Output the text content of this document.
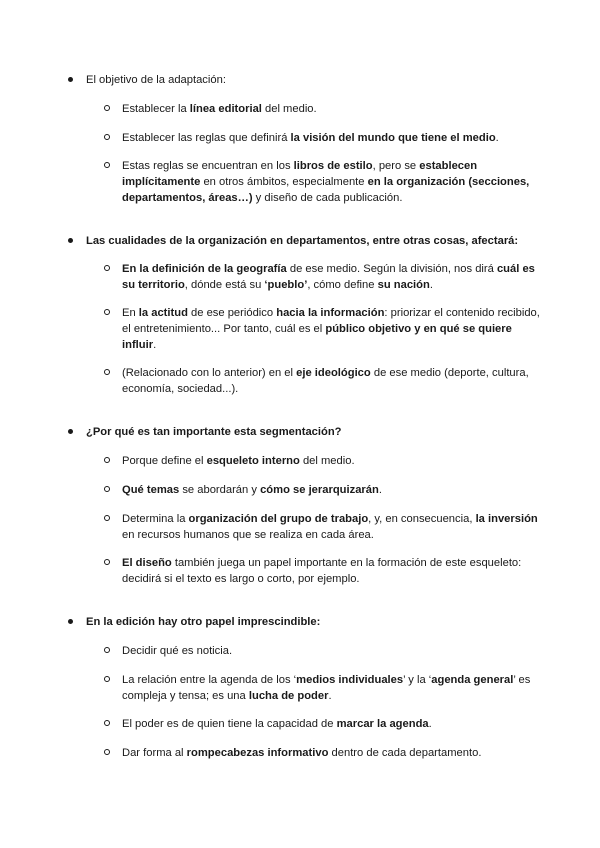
El objetivo de la adaptación:
Establecer la línea editorial del medio.
Establecer las reglas que definirá la visión del mundo que tiene el medio.
Estas reglas se encuentran en los libros de estilo, pero se establecen implícitamente en otros ámbitos, especialmente en la organización (secciones, departamentos, áreas…) y diseño de cada publicación.
Las cualidades de la organización en departamentos, entre otras cosas, afectará:
En la definición de la geografía de ese medio. Según la división, nos dirá cuál es su territorio, dónde está su ‘pueblo’, cómo define su nación.
En la actitud de ese periódico hacia la información: priorizar el contenido recibido, el entretenimiento... Por tanto, cuál es el público objetivo y en qué se quiere influir.
(Relacionado con lo anterior) en el eje ideológico de ese medio (deporte, cultura, economía, sociedad...).
¿Por qué es tan importante esta segmentación?
Porque define el esqueleto interno del medio.
Qué temas se abordarán y cómo se jerarquizarán.
Determina la organización del grupo de trabajo, y, en consecuencia, la inversión en recursos humanos que se realiza en cada área.
El diseño también juega un papel importante en la formación de este esqueleto: decidirá si el texto es largo o corto, por ejemplo.
En la edición hay otro papel imprescindible:
Decidir qué es noticia.
La relación entre la agenda de los ‘medios individuales’ y la ‘agenda general’ es compleja y tensa; es una lucha de poder.
El poder es de quien tiene la capacidad de marcar la agenda.
Dar forma al rompecabezas informativo dentro de cada departamento.
